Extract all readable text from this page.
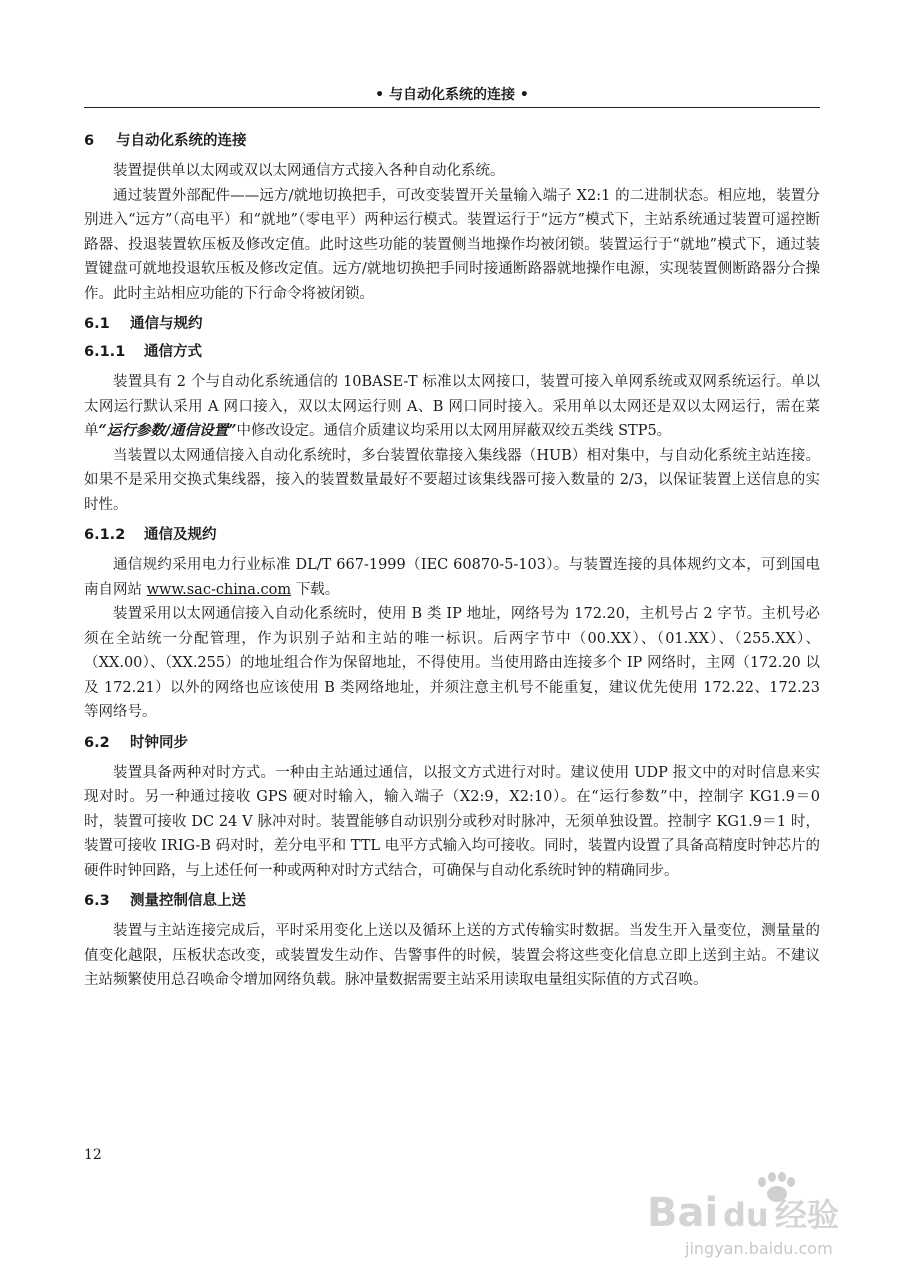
• 与自动化系统的连接 •
6 与自动化系统的连接

装置提供单以太网或双以太网通信方式接入各种自动化系统。

通过装置外部配件——远方/就地切换把手，可改变装置开关量输入端子 X2:1 的二进制状态。相应地，装置分别进入“远方”（高电平）和“就地”（零电平）两种运行模式。装置运行于“远方”模式下，主站系统通过装置可遥控断路器、投退装置软压板及修改定值。此时这些功能的装置侧当地操作均被闭锁。装置运行于“就地”模式下，通过装置键盘可就地投退软压板及修改定值。远方/就地切换把手同时接通断路器就地操作电源，实现装置侧断路器分合操作。此时主站相应功能的下行命令将被闭锁。

6.1 通信与规约
6.1.1 通信方式

装置具有 2 个与自动化系统通信的 10BASE-T 标准以太网接口，装置可接入单网系统或双网系统运行。单以太网运行默认采用 A 网口接入，双以太网运行则 A、B 网口同时接入。采用单以太网还是双以太网运行，需在菜单“运行参数/通信设置”中修改设定。通信介质建议均采用以太网用屏蔽双绞五类线 STP5。

当装置以太网通信接入自动化系统时，多台装置依靠接入集线器（HUB）相对集中，与自动化系统主站连接。如果不是采用交换式集线器，接入的装置数量最好不要超过该集线器可接入数量的 2/3，以保证装置上送信息的实时性。

6.1.2 通信及规约

通信规约采用电力行业标准 DL/T 667-1999（IEC 60870-5-103）。与装置连接的具体规约文本，可到国电南自网站 www.sac-china.com 下载。

装置采用以太网通信接入自动化系统时，使用 B 类 IP 地址，网络号为 172.20，主机号占 2 字节。主机号必须在全站统一分配管理，作为识别子站和主站的唯一标识。后两字节中（00.XX）、（01.XX）、（255.XX）、（XX.00）、（XX.255）的地址组合作为保留地址，不得使用。当使用路由连接多个 IP 网络时，主网（172.20 以及 172.21）以外的网络也应该使用 B 类网络地址，并须注意主机号不能重复，建议优先使用 172.22、172.23 等网络号。

6.2 时钟同步

装置具备两种对时方式。一种由主站通过通信，以报文方式进行对时。建议使用 UDP 报文中的对时信息来实现对时。另一种通过接收 GPS 硬对时输入，输入端子（X2:9，X2:10）。在“运行参数”中，控制字 KG1.9＝0 时，装置可接收 DC 24 V 脉冲对时。装置能够自动识别分或秒对时脉冲，无须单独设置。控制字 KG1.9＝1 时，装置可接收 IRIG-B 码对时，差分电平和 TTL 电平方式输入均可接收。同时，装置内设置了具备高精度时钟芯片的硬件时钟回路，与上述任何一种或两种对时方式结合，可确保与自动化系统时钟的精确同步。

6.3 测量控制信息上送

装置与主站连接完成后，平时采用变化上送以及循环上送的方式传输实时数据。当发生开入量变位，测量量的值变化越限，压板状态改变，或装置发生动作、告警事件的时候，装置会将这些变化信息立即上送到主站。不建议主站频繁使用总召唤命令增加网络负载。脉冲量数据需要主站采用读取电量组实际值的方式召唤。

12
Bai du 经验
jingyan.baidu.com
